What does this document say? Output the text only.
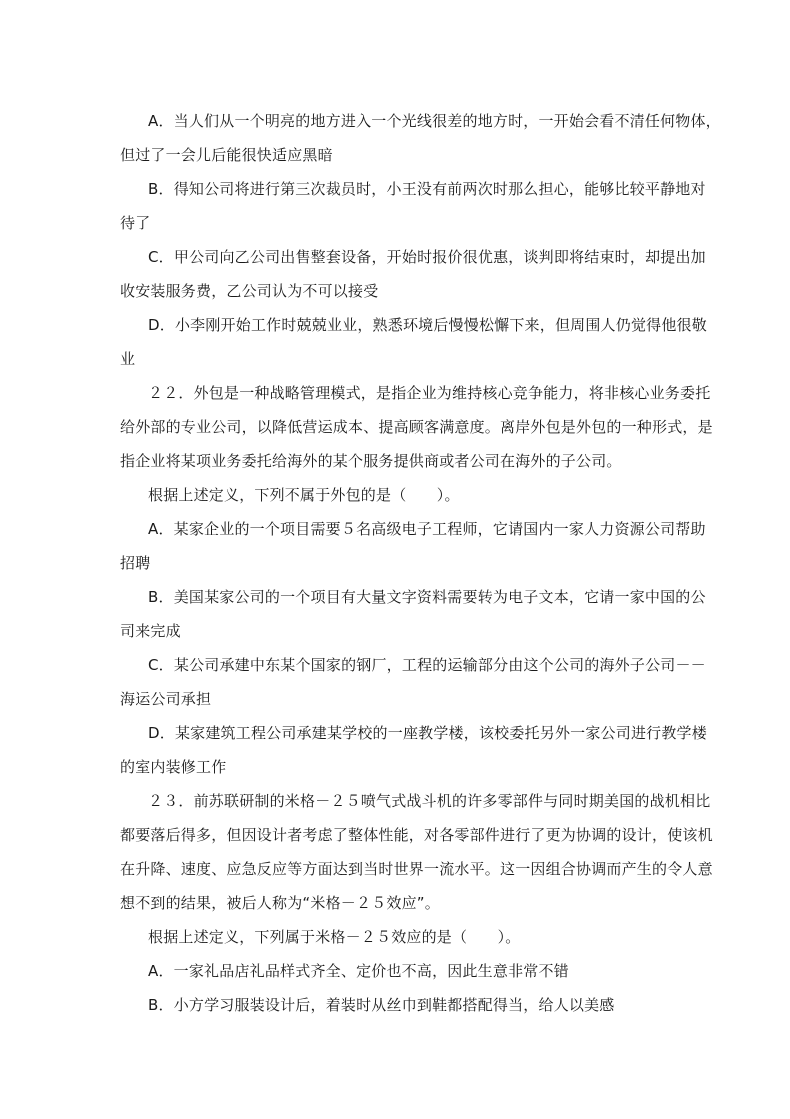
A．当人们从一个明亮的地方进入一个光线很差的地方时，一开始会看不清任何物体，
但过了一会儿后能很快适应黑暗
B．得知公司将进行第三次裁员时，小王没有前两次时那么担心，能够比较平静地对
待了
C．甲公司向乙公司出售整套设备，开始时报价很优惠，谈判即将结束时，却提出加
收安装服务费，乙公司认为不可以接受
D．小李刚开始工作时兢兢业业，熟悉环境后慢慢松懈下来，但周围人仍觉得他很敬
业
２２．外包是一种战略管理模式，是指企业为维持核心竞争能力，将非核心业务委托
给外部的专业公司，以降低营运成本、提高顾客满意度。离岸外包是外包的一种形式，是
指企业将某项业务委托给海外的某个服务提供商或者公司在海外的子公司。
根据上述定义，下列不属于外包的是（　　）。
A．某家企业的一个项目需要５名高级电子工程师，它请国内一家人力资源公司帮助
招聘
B．美国某家公司的一个项目有大量文字资料需要转为电子文本，它请一家中国的公
司来完成
C．某公司承建中东某个国家的钢厂，工程的运输部分由这个公司的海外子公司－－
海运公司承担
D．某家建筑工程公司承建某学校的一座教学楼，该校委托另外一家公司进行教学楼
的室内装修工作
２３．前苏联研制的米格－２５喷气式战斗机的许多零部件与同时期美国的战机相比
都要落后得多，但因设计者考虑了整体性能，对各零部件进行了更为协调的设计，使该机
在升降、速度、应急反应等方面达到当时世界一流水平。这一因组合协调而产生的令人意
想不到的结果，被后人称为“米格－２５效应”。
根据上述定义，下列属于米格－２５效应的是（　　）。
A．一家礼品店礼品样式齐全、定价也不高，因此生意非常不错
B．小方学习服装设计后，着装时从丝巾到鞋都搭配得当，给人以美感
